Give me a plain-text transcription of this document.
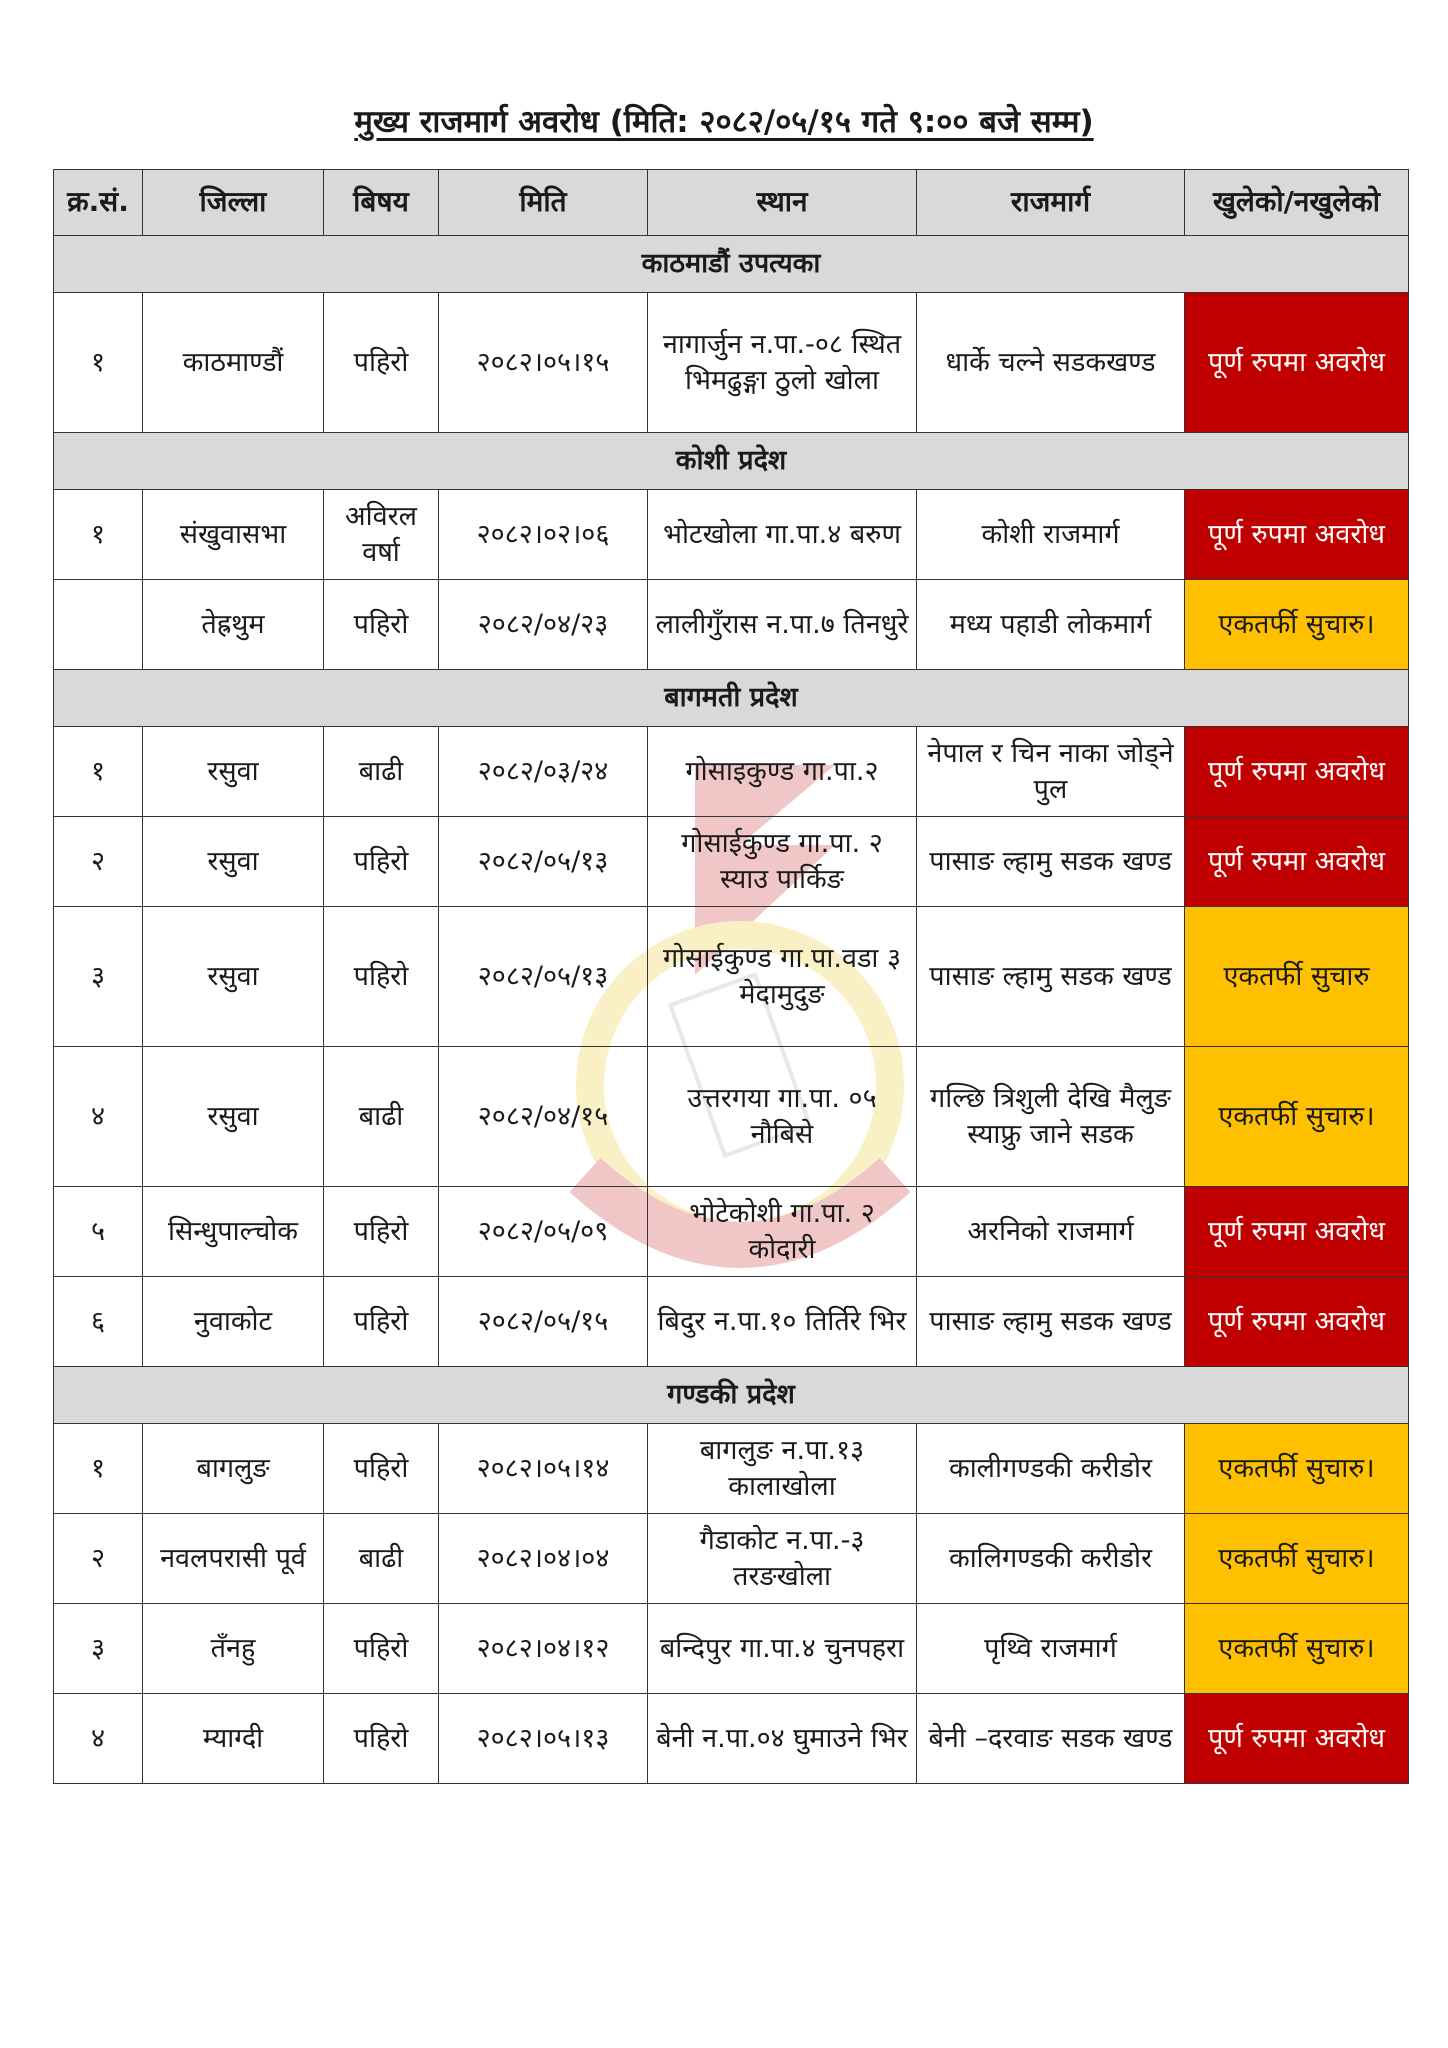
मुख्य राजमार्ग अवरोध (मिति: २०८२/०५/१५ गते ९:०० बजे सम्म)
क्र.सं.	जिल्ला	बिषय	मिति	स्थान	राजमार्ग	खुलेको/नखुलेको
काठमाडौं उपत्यका						
१	काठमाण्डौं	पहिरो	२०८२।०५।१५	नागार्जुन न.पा.-०८ स्थित भिमढुङ्गा ठुलो खोला	धार्के चल्ने सडकखण्ड	पूर्ण रुपमा अवरोध
कोशी प्रदेश						
१	संखुवासभा	अविरल वर्षा	२०८२।०२।०६	भोटखोला गा.पा.४ बरुण	कोशी राजमार्ग	पूर्ण रुपमा अवरोध
	तेह्रथुम	पहिरो	२०८२/०४/२३	लालीगुँरास न.पा.७ तिनधुरे	मध्य पहाडी लोकमार्ग	एकतर्फी सुचारु।
बागमती प्रदेश						
१	रसुवा	बाढी	२०८२/०३/२४	गोसाइकुण्ड गा.पा.२	नेपाल र चिन नाका जोड्ने पुल	पूर्ण रुपमा अवरोध
२	रसुवा	पहिरो	२०८२/०५/१३	गोसाईकुण्ड गा.पा. २ स्याउ पार्किङ	पासाङ ल्हामु सडक खण्ड	पूर्ण रुपमा अवरोध
३	रसुवा	पहिरो	२०८२/०५/१३	गोसाईकुण्ड गा.पा.वडा ३ मेदामुदुङ	पासाङ ल्हामु सडक खण्ड	एकतर्फी सुचारु
४	रसुवा	बाढी	२०८२/०४/१५	उत्तरगया गा.पा. ०५ नौबिसे	गल्छि त्रिशुली देखि मैलुङ स्याफ्रु जाने सडक	एकतर्फी सुचारु।
५	सिन्धुपाल्चोक	पहिरो	२०८२/०५/०९	भोटेकोशी गा.पा. २ कोदारी	अरनिको राजमार्ग	पूर्ण रुपमा अवरोध
६	नुवाकोट	पहिरो	२०८२/०५/१५	बिदुर न.पा.१० तिर्तिरे भिर	पासाङ ल्हामु सडक खण्ड	पूर्ण रुपमा अवरोध
गण्डकी प्रदेश						
१	बागलुङ	पहिरो	२०८२।०५।१४	बागलुङ न.पा.१३ कालाखोला	कालीगण्डकी करीडोर	एकतर्फी सुचारु।
२	नवलपरासी पूर्व	बाढी	२०८२।०४।०४	गैडाकोट न.पा.-३ तरङखोला	कालिगण्डकी करीडोर	एकतर्फी सुचारु।
३	तँनहु	पहिरो	२०८२।०४।१२	बन्दिपुर गा.पा.४ चुनपहरा	पृथ्वि राजमार्ग	एकतर्फी सुचारु।
४	म्याग्दी	पहिरो	२०८२।०५।१३	बेनी न.पा.०४ घुमाउने भिर	बेनी –दरवाङ सडक खण्ड	पूर्ण रुपमा अवरोध
